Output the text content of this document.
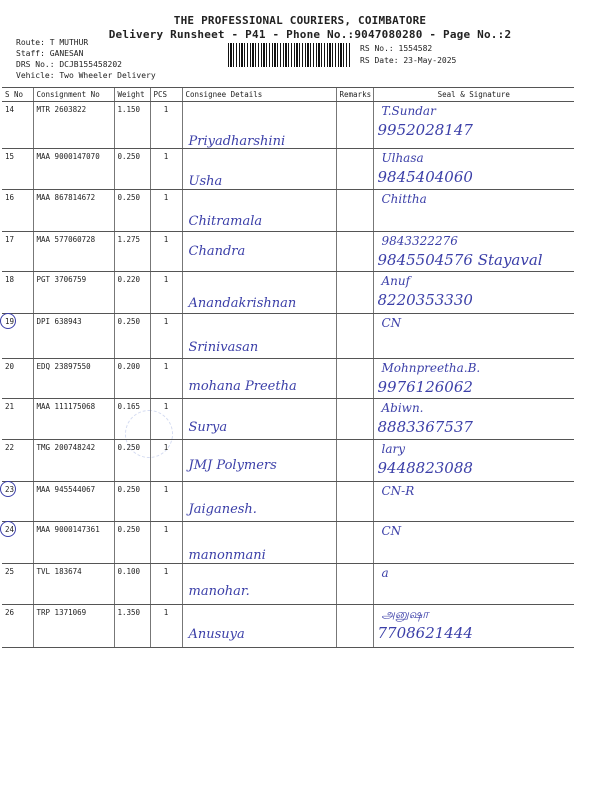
THE PROFESSIONAL COURIERS, COIMBATORE
Delivery Runsheet - P41 - Phone No.:9047080280 - Page No.:2
Route: T MUTHUR
Staff: GANESAN
DRS No.: DCJB155458202
Vehicle: Two Wheeler Delivery
RS No.: 1554582
RS Date: 23-May-2025
S No	Consignment No	Weight	PCS	Consignee Details	Remarks	Seal & Signature
14	MTR 2603822	1.150	1	Priyadharshini		T.Sundar
9952028147

15	MAA 9000147070	0.250	1	Usha		Ulhasa
9845404060

16	MAA 867814672	0.250	1	Chitramala		Chittha

17	MAA 577060728	1.275	1	Chandra		9843322276
9845504576 Stayaval

18	PGT 3706759	0.220	1	Anandakrishnan		Anuf
8220353330

19	DPI 638943	0.250	1	Srinivasan		CN

20	EDQ 23897550	0.200	1	mohana Preetha		Mohnpreetha.B.
9976126062

21	MAA 111175068	0.165	1	Surya		Abiwn.
8883367537

22	TMG 200748242	0.250	1	JMJ Polymers		lary
9448823088

23	MAA 945544067	0.250	1	Jaiganesh.		CN-R

24	MAA 9000147361	0.250	1	manonmani		CN

25	TVL 183674	0.100	1	manohar.		a

26	TRP 1371069	1.350	1	Anusuya		அனுஷா
7708621444
